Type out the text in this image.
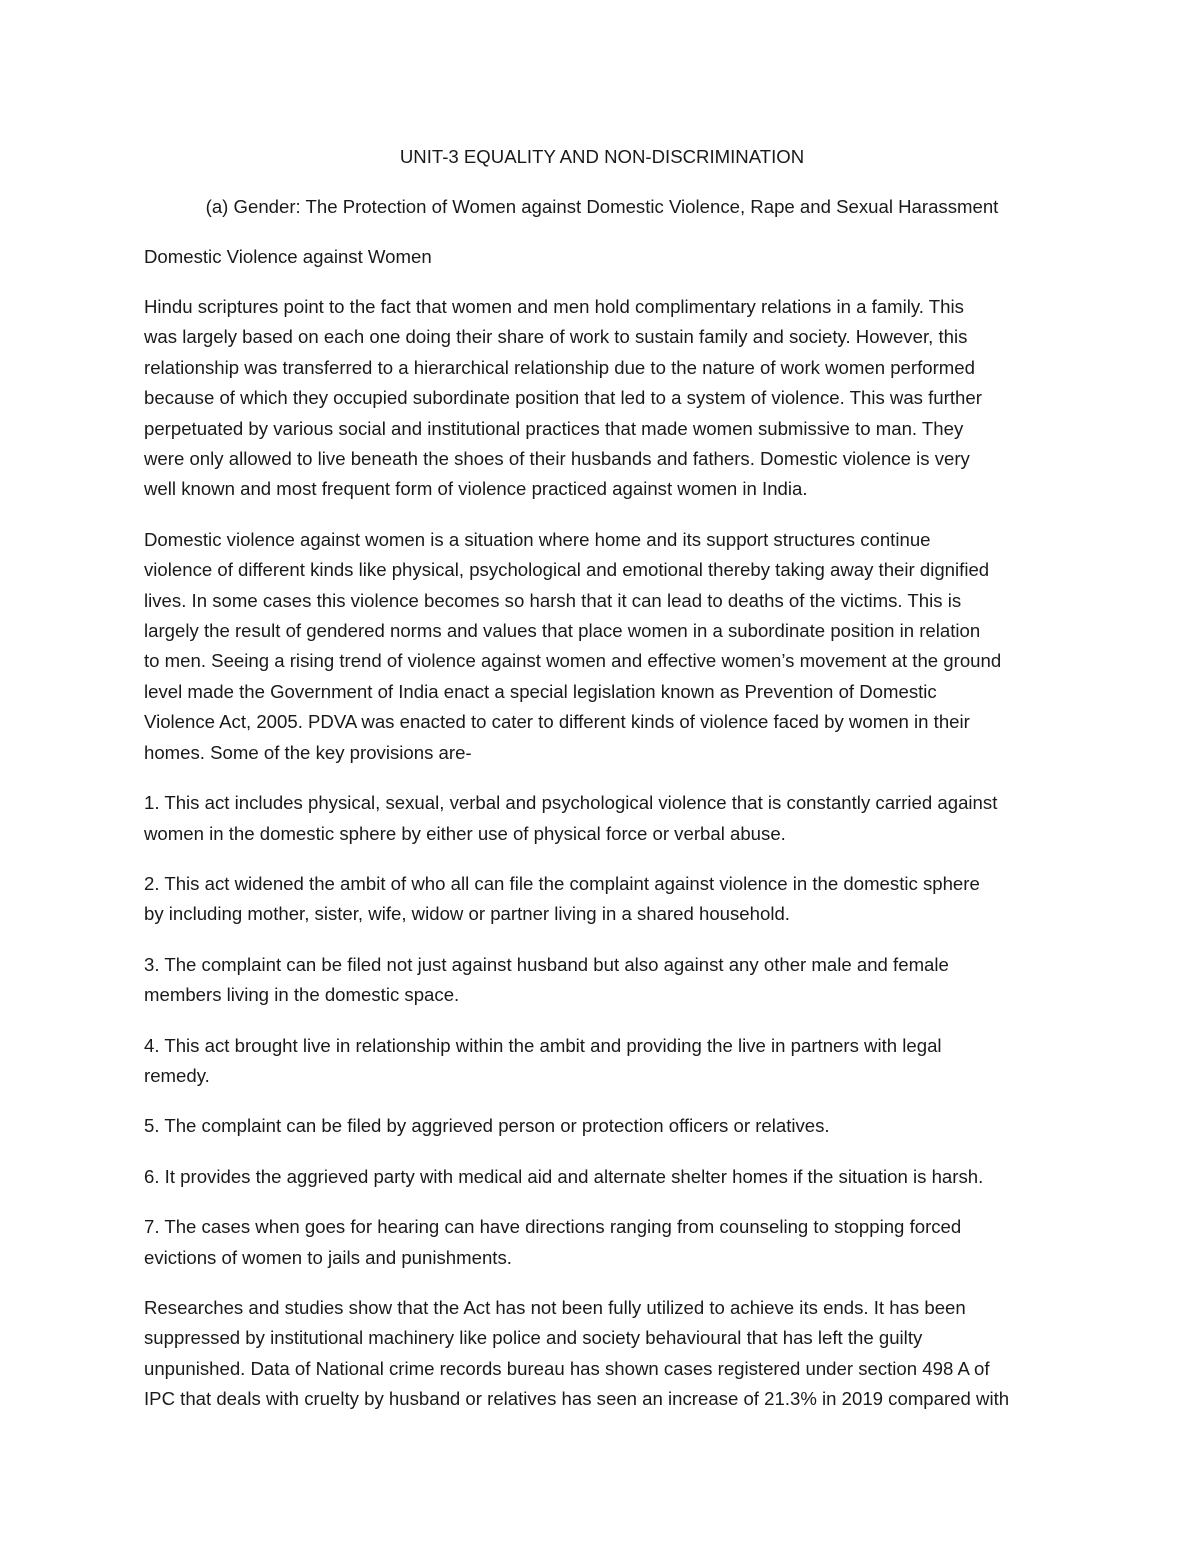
UNIT-3 EQUALITY AND NON-DISCRIMINATION
(a) Gender: The Protection of Women against Domestic Violence, Rape and Sexual Harassment
Domestic Violence against Women
Hindu scriptures point to the fact that women and men hold complimentary relations in a family. This
was largely based on each one doing their share of work to sustain family and society. However, this
relationship was transferred to a hierarchical relationship due to the nature of work women performed
because of which they occupied subordinate position that led to a system of violence. This was further
perpetuated by various social and institutional practices that made women submissive to man. They
were only allowed to live beneath the shoes of their husbands and fathers. Domestic violence is very
well known and most frequent form of violence practiced against women in India.
Domestic violence against women is a situation where home and its support structures continue
violence of different kinds like physical, psychological and emotional thereby taking away their dignified
lives. In some cases this violence becomes so harsh that it can lead to deaths of the victims. This is
largely the result of gendered norms and values that place women in a subordinate position in relation
to men. Seeing a rising trend of violence against women and effective women’s movement at the ground
level made the Government of India enact a special legislation known as Prevention of Domestic
Violence Act, 2005. PDVA was enacted to cater to different kinds of violence faced by women in their
homes. Some of the key provisions are-
1. This act includes physical, sexual, verbal and psychological violence that is constantly carried against
women in the domestic sphere by either use of physical force or verbal abuse.
2. This act widened the ambit of who all can file the complaint against violence in the domestic sphere
by including mother, sister, wife, widow or partner living in a shared household.
3. The complaint can be filed not just against husband but also against any other male and female
members living in the domestic space.
4. This act brought live in relationship within the ambit and providing the live in partners with legal
remedy.
5. The complaint can be filed by aggrieved person or protection officers or relatives.
6. It provides the aggrieved party with medical aid and alternate shelter homes if the situation is harsh.
7. The cases when goes for hearing can have directions ranging from counseling to stopping forced
evictions of women to jails and punishments.
Researches and studies show that the Act has not been fully utilized to achieve its ends. It has been
suppressed by institutional machinery like police and society behavioural that has left the guilty
unpunished. Data of National crime records bureau has shown cases registered under section 498 A of
IPC that deals with cruelty by husband or relatives has seen an increase of 21.3% in 2019 compared with
